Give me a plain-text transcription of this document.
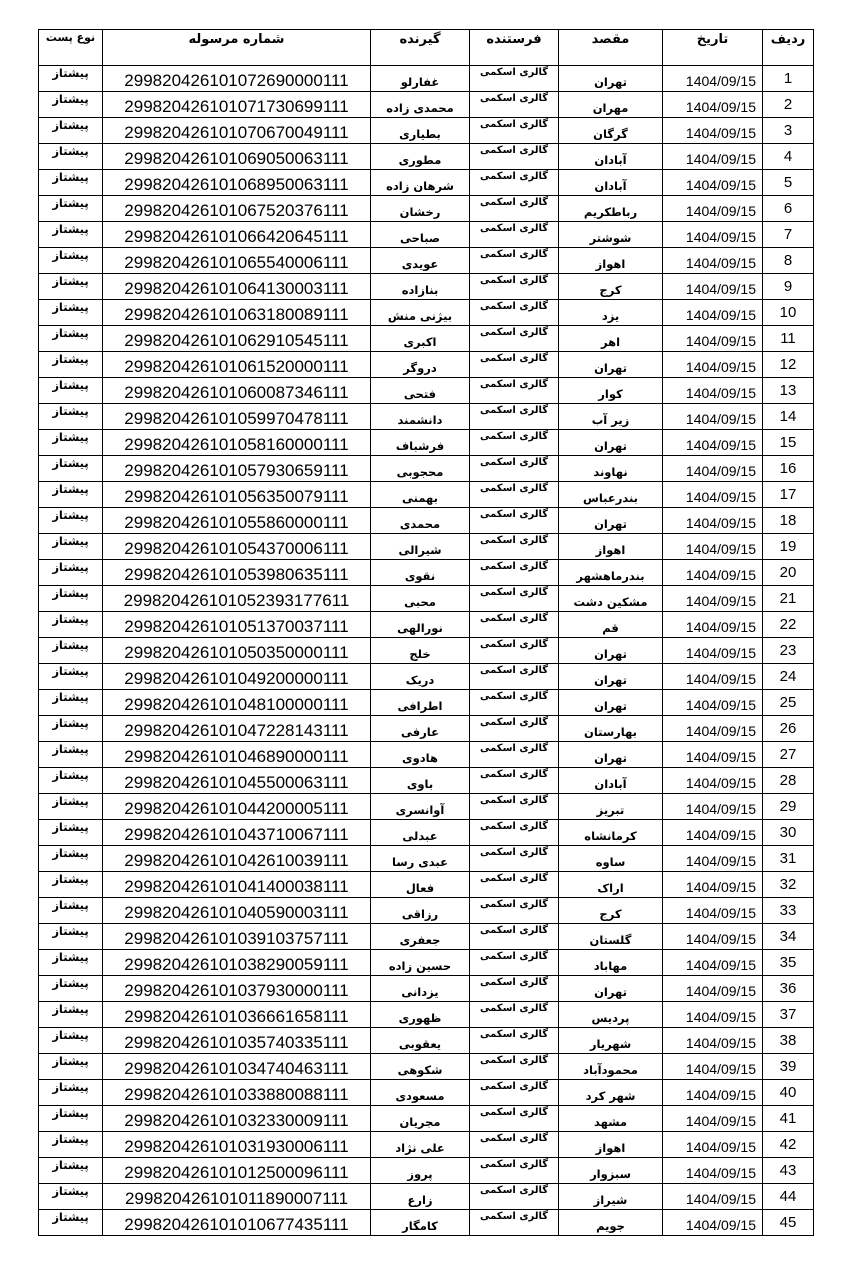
نوع پست	شماره مرسوله	گیرنده	فرستنده	مقصد	تاریخ	ردیف
پیشتاز	299820426101072690000111	غفارلو	گالری اسکمی	تهران	1404/09/15	1
پیشتاز	299820426101071730699111	محمدی زاده	گالری اسکمی	مهران	1404/09/15	2
پیشتاز	299820426101070670049111	بطیاری	گالری اسکمی	گرگان	1404/09/15	3
پیشتاز	299820426101069050063111	مطوری	گالری اسکمی	آبادان	1404/09/15	4
پیشتاز	299820426101068950063111	شرهان زاده	گالری اسکمی	آبادان	1404/09/15	5
پیشتاز	299820426101067520376111	رخشان	گالری اسکمی	رباطکریم	1404/09/15	6
پیشتاز	299820426101066420645111	صباحی	گالری اسکمی	شوشتر	1404/09/15	7
پیشتاز	299820426101065540006111	عویدی	گالری اسکمی	اهواز	1404/09/15	8
پیشتاز	299820426101064130003111	بنازاده	گالری اسکمی	کرج	1404/09/15	9
پیشتاز	299820426101063180089111	بیژنی منش	گالری اسکمی	یزد	1404/09/15	10
پیشتاز	299820426101062910545111	اکبری	گالری اسکمی	اهر	1404/09/15	11
پیشتاز	299820426101061520000111	دروگر	گالری اسکمی	تهران	1404/09/15	12
پیشتاز	299820426101060087346111	فتحی	گالری اسکمی	کوار	1404/09/15	13
پیشتاز	299820426101059970478111	دانشمند	گالری اسکمی	زیر آب	1404/09/15	14
پیشتاز	299820426101058160000111	فرشباف	گالری اسکمی	تهران	1404/09/15	15
پیشتاز	299820426101057930659111	محجوبی	گالری اسکمی	نهاوند	1404/09/15	16
پیشتاز	299820426101056350079111	بهمنی	گالری اسکمی	بندرعباس	1404/09/15	17
پیشتاز	299820426101055860000111	محمدی	گالری اسکمی	تهران	1404/09/15	18
پیشتاز	299820426101054370006111	شیرالی	گالری اسکمی	اهواز	1404/09/15	19
پیشتاز	299820426101053980635111	نقوی	گالری اسکمی	بندرماهشهر	1404/09/15	20
پیشتاز	299820426101052393177611	محبی	گالری اسکمی	مشکین دشت	1404/09/15	21
پیشتاز	299820426101051370037111	نورالهی	گالری اسکمی	قم	1404/09/15	22
پیشتاز	299820426101050350000111	خلج	گالری اسکمی	تهران	1404/09/15	23
پیشتاز	299820426101049200000111	دریک	گالری اسکمی	تهران	1404/09/15	24
پیشتاز	299820426101048100000111	اطرافی	گالری اسکمی	تهران	1404/09/15	25
پیشتاز	299820426101047228143111	عارفی	گالری اسکمی	بهارستان	1404/09/15	26
پیشتاز	299820426101046890000111	هادوی	گالری اسکمی	تهران	1404/09/15	27
پیشتاز	299820426101045500063111	باوی	گالری اسکمی	آبادان	1404/09/15	28
پیشتاز	299820426101044200005111	آوانسری	گالری اسکمی	تبریز	1404/09/15	29
پیشتاز	299820426101043710067111	عبدلی	گالری اسکمی	کرمانشاه	1404/09/15	30
پیشتاز	299820426101042610039111	عبدی رسا	گالری اسکمی	ساوه	1404/09/15	31
پیشتاز	299820426101041400038111	فعال	گالری اسکمی	اراک	1404/09/15	32
پیشتاز	299820426101040590003111	رزاقی	گالری اسکمی	کرج	1404/09/15	33
پیشتاز	299820426101039103757111	جعفری	گالری اسکمی	گلستان	1404/09/15	34
پیشتاز	299820426101038290059111	حسین زاده	گالری اسکمی	مهاباد	1404/09/15	35
پیشتاز	299820426101037930000111	یزدانی	گالری اسکمی	تهران	1404/09/15	36
پیشتاز	299820426101036661658111	ظهوری	گالری اسکمی	پردیس	1404/09/15	37
پیشتاز	299820426101035740335111	یعقوبی	گالری اسکمی	شهریار	1404/09/15	38
پیشتاز	299820426101034740463111	شکوهی	گالری اسکمی	محمودآباد	1404/09/15	39
پیشتاز	299820426101033880088111	مسعودی	گالری اسکمی	شهر کرد	1404/09/15	40
پیشتاز	299820426101032330009111	مجریان	گالری اسکمی	مشهد	1404/09/15	41
پیشتاز	299820426101031930006111	علی نژاد	گالری اسکمی	اهواز	1404/09/15	42
پیشتاز	299820426101012500096111	پروز	گالری اسکمی	سبزوار	1404/09/15	43
پیشتاز	299820426101011890007111	زارع	گالری اسکمی	شیراز	1404/09/15	44
پیشتاز	299820426101010677435111	کامگار	گالری اسکمی	جویم	1404/09/15	45
